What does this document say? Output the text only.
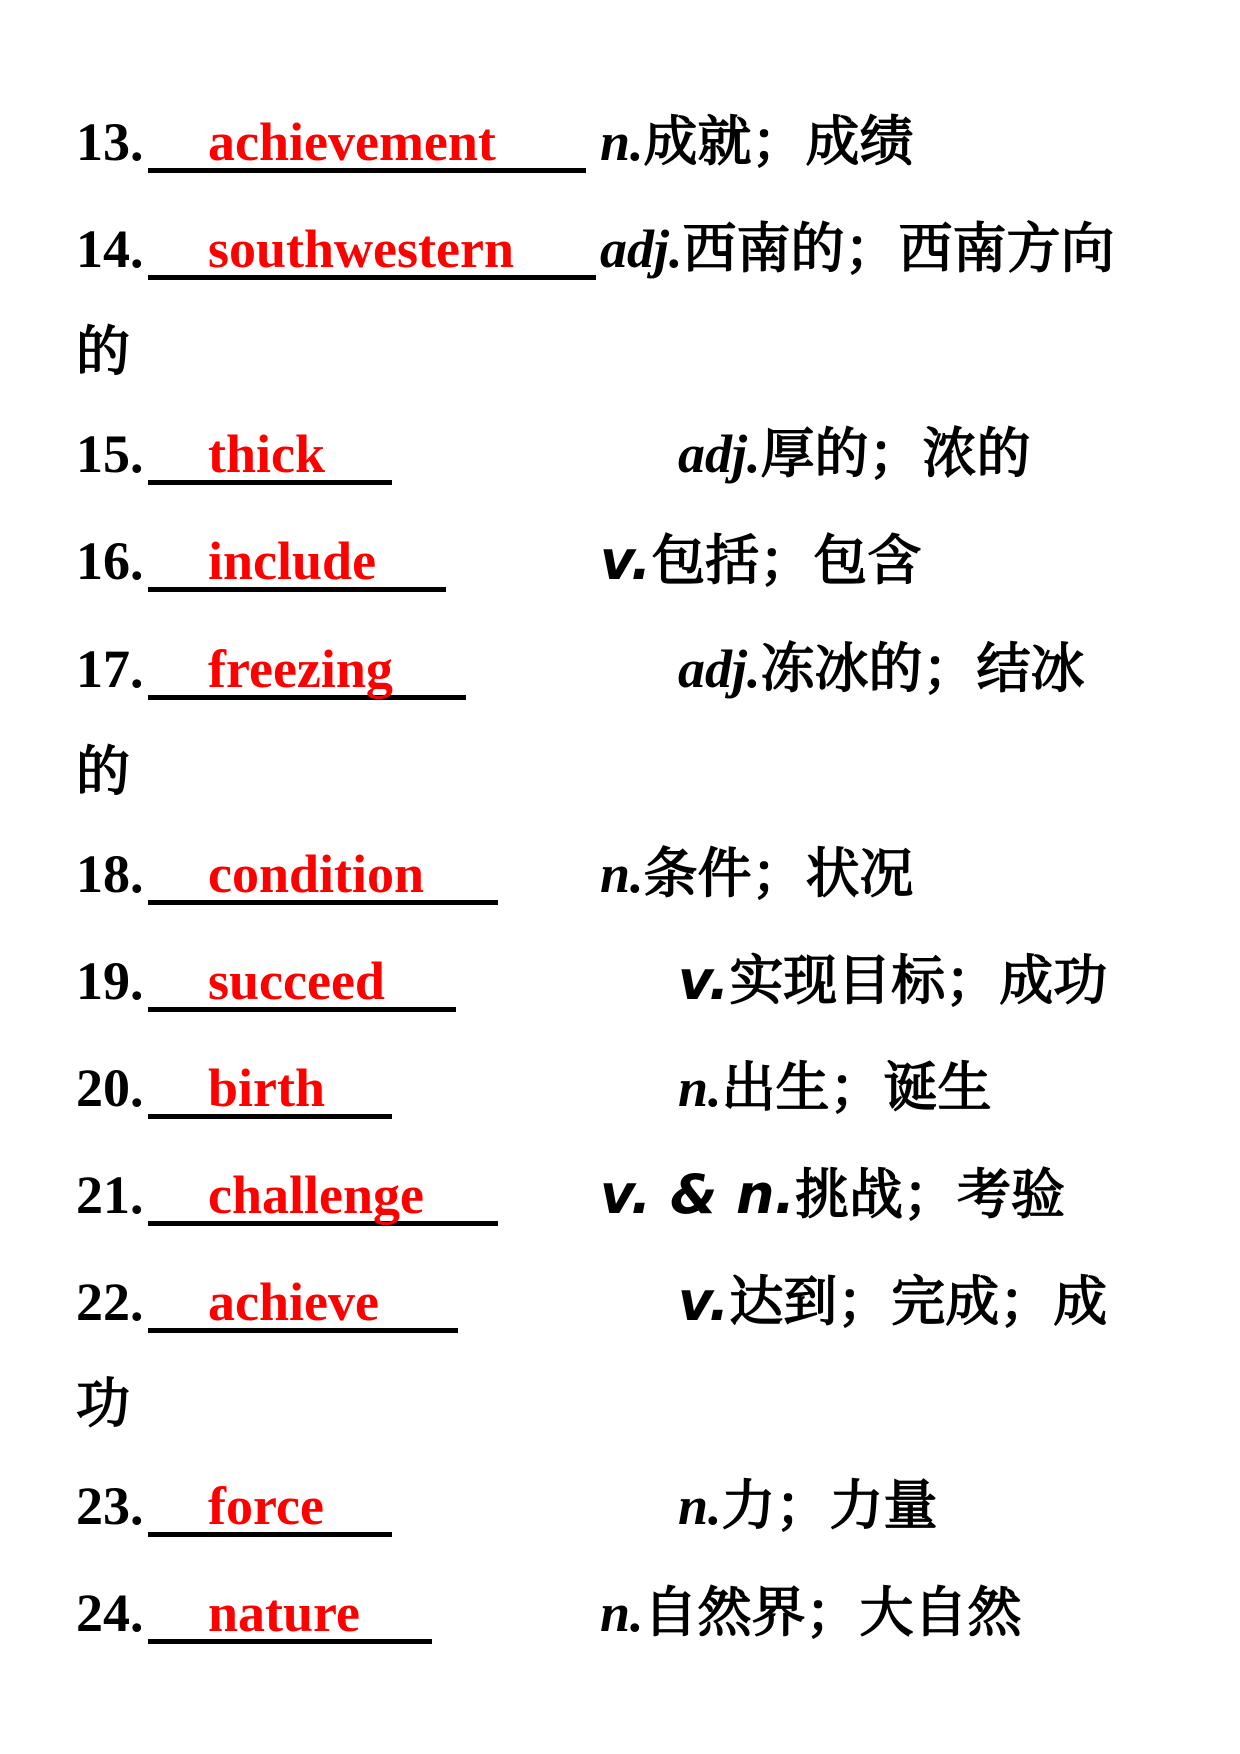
13. achievement n.成就；成绩
14. southwestern adj.西南的；西南方向
的
15. thick	adj.厚的；浓的
16. include	v.包括；包含
17. freezing	adj.冻冰的；结冰
的
18. condition	n.条件；状况
19. succeed	v.实现目标；成功
20. birth	n.出生；诞生
21. challenge	v. & n.挑战；考验
22. achieve	v.达到；完成；成
功
23. force	n.力；力量
24. nature	n.自然界；大自然
